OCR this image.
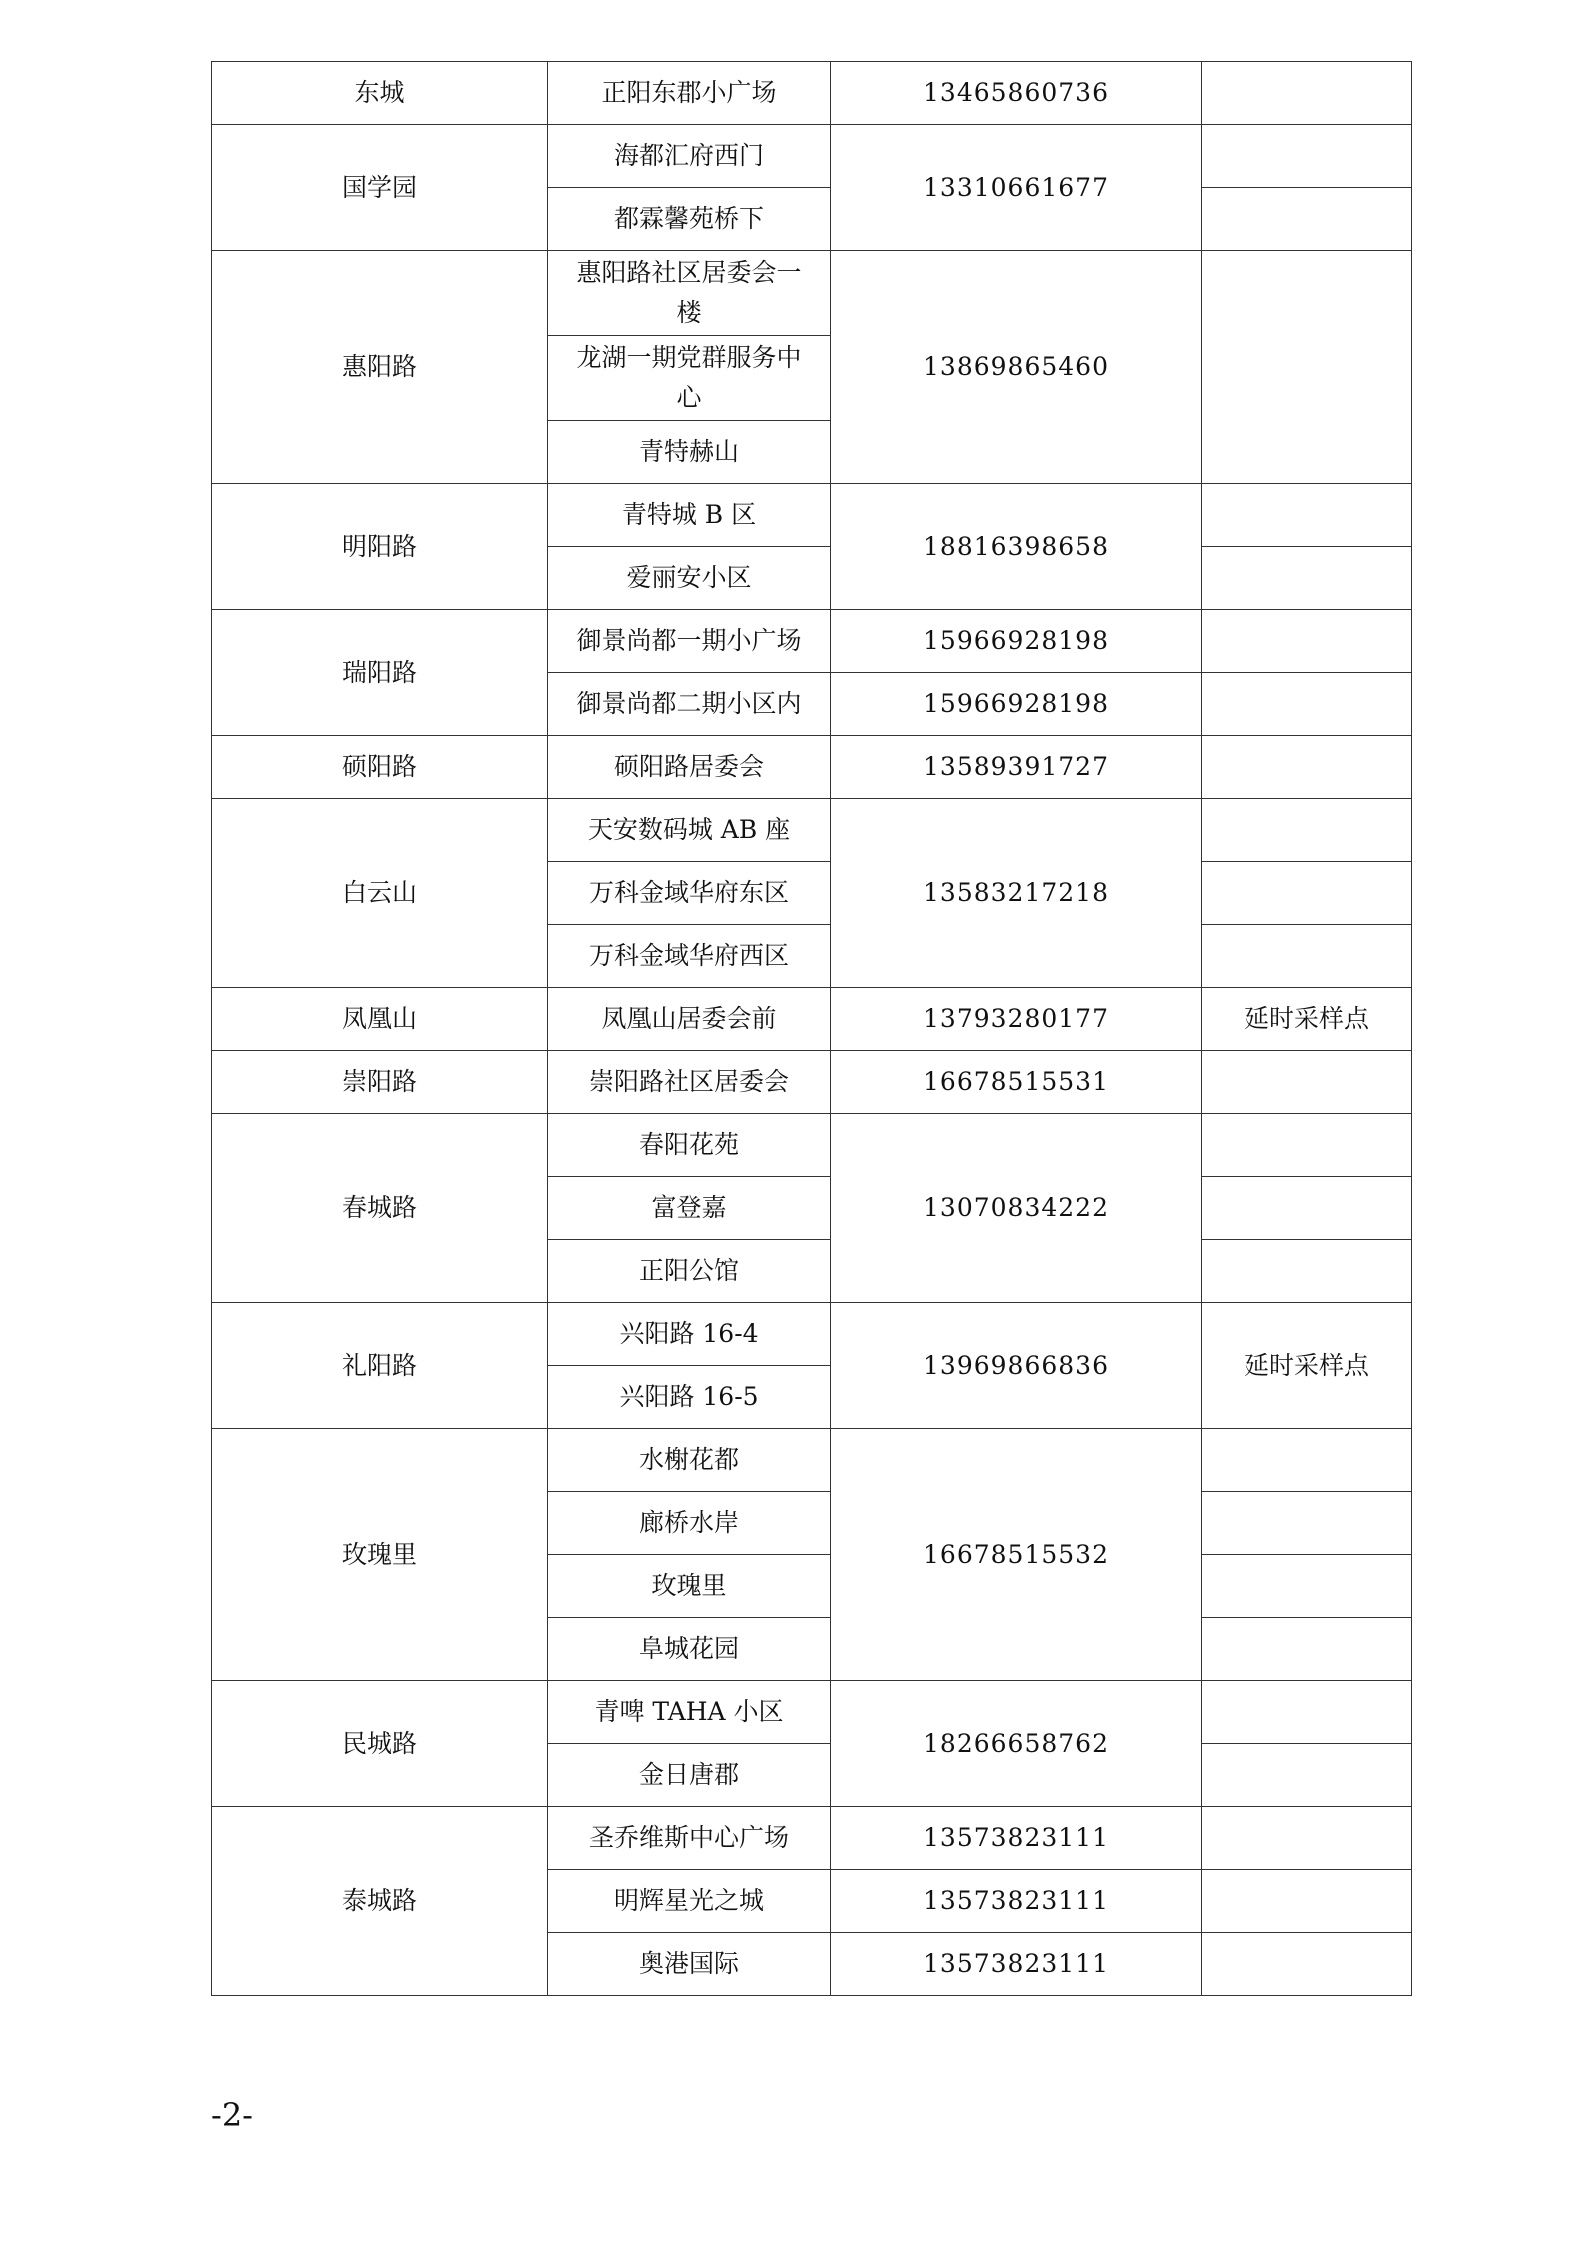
东城	正阳东郡小广场	13465860736	
国学园	海都汇府西门	13310661677	
	都霖馨苑桥下		
惠阳路	惠阳路社区居委会一楼	13869865460	
	龙湖一期党群服务中心		
	青特赫山		
明阳路	青特城 B 区	18816398658	
	爱丽安小区		
瑞阳路	御景尚都一期小广场	15966928198	
	御景尚都二期小区内	15966928198	
硕阳路	硕阳路居委会	13589391727	
白云山	天安数码城 AB 座	13583217218	
	万科金域华府东区		
	万科金域华府西区		
凤凰山	凤凰山居委会前	13793280177	延时采样点
崇阳路	崇阳路社区居委会	16678515531	
春城路	春阳花苑	13070834222	
	富登嘉		
	正阳公馆		
礼阳路	兴阳路 16-4	13969866836	延时采样点
	兴阳路 16-5		
玫瑰里	水榭花都	16678515532	
	廊桥水岸		
	玫瑰里		
	阜城花园		
民城路	青啤 TAHA 小区	18266658762	
	金日唐郡		
泰城路	圣乔维斯中心广场	13573823111	
	明辉星光之城	13573823111	
	奥港国际	13573823111	
-2-
